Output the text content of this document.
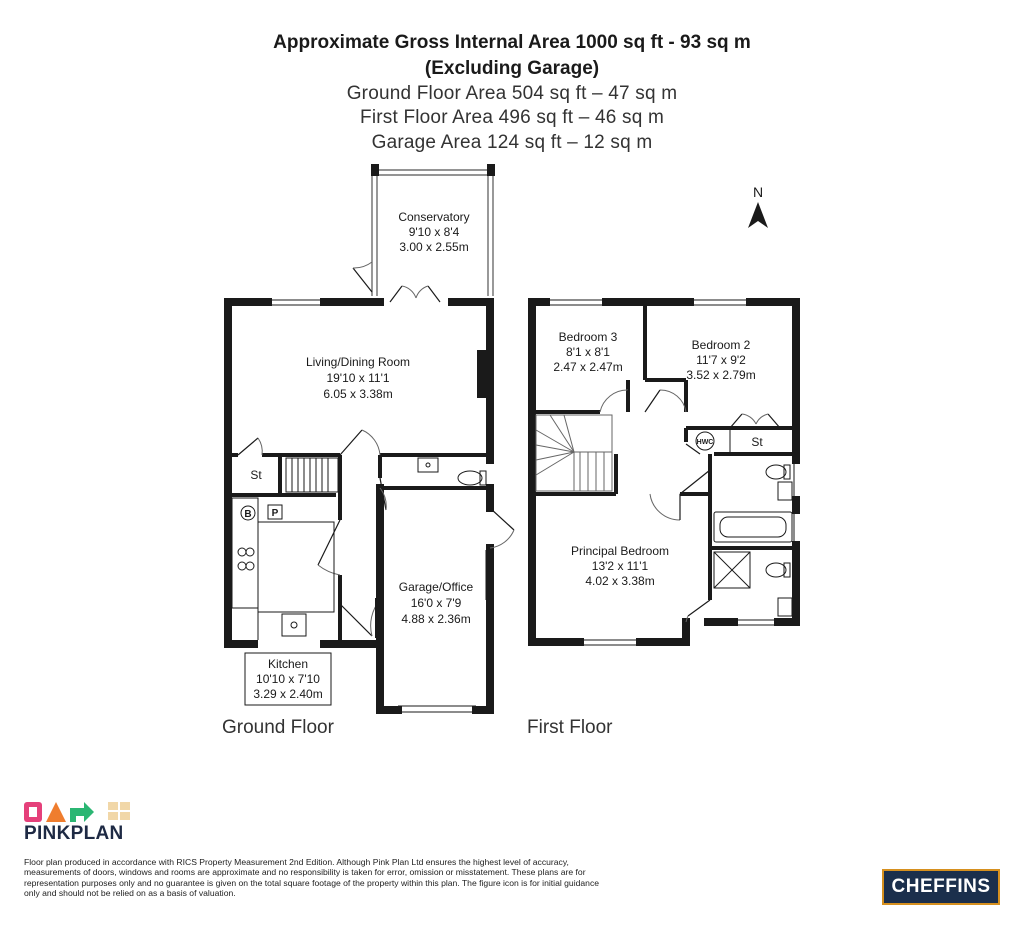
Approximate Gross Internal Area 1000 sq ft - 93 sq m
(Excluding Garage)
Ground Floor Area 504 sq ft – 47 sq m
First Floor Area 496 sq ft – 46 sq m
Garage Area 124 sq ft – 12 sq m
N
Conservatory
9'10 x 8'4
3.00 x 2.55m
Living/Dining Room
19'10 x 11'1
6.05 x 3.38m
St
B P
Kitchen
10'10 x 7'10
3.29 x 2.40m
Garage/Office
16'0 x 7'9
4.88 x 2.36m
Bedroom 3
8'1 x 8'1
2.47 x 2.47m
Bedroom 2
11'7 x 9'2
3.52 x 2.79m
HWC	St
Principal Bedroom
13'2 x 11'1
4.02 x 3.38m
Ground Floor	First Floor
PINKPLAN
Floor plan produced in accordance with RICS Property Measurement 2nd Edition. Although Pink Plan Ltd ensures the highest level of accuracy, measurements of doors, windows and rooms are approximate and no responsibility is taken for error, omission or misstatement. These plans are for representation purposes only and no guarantee is given on the total square footage of the property within this plan. The figure icon is for initial guidance only and should not be relied on as a basis of valuation.	CHEFFINS
